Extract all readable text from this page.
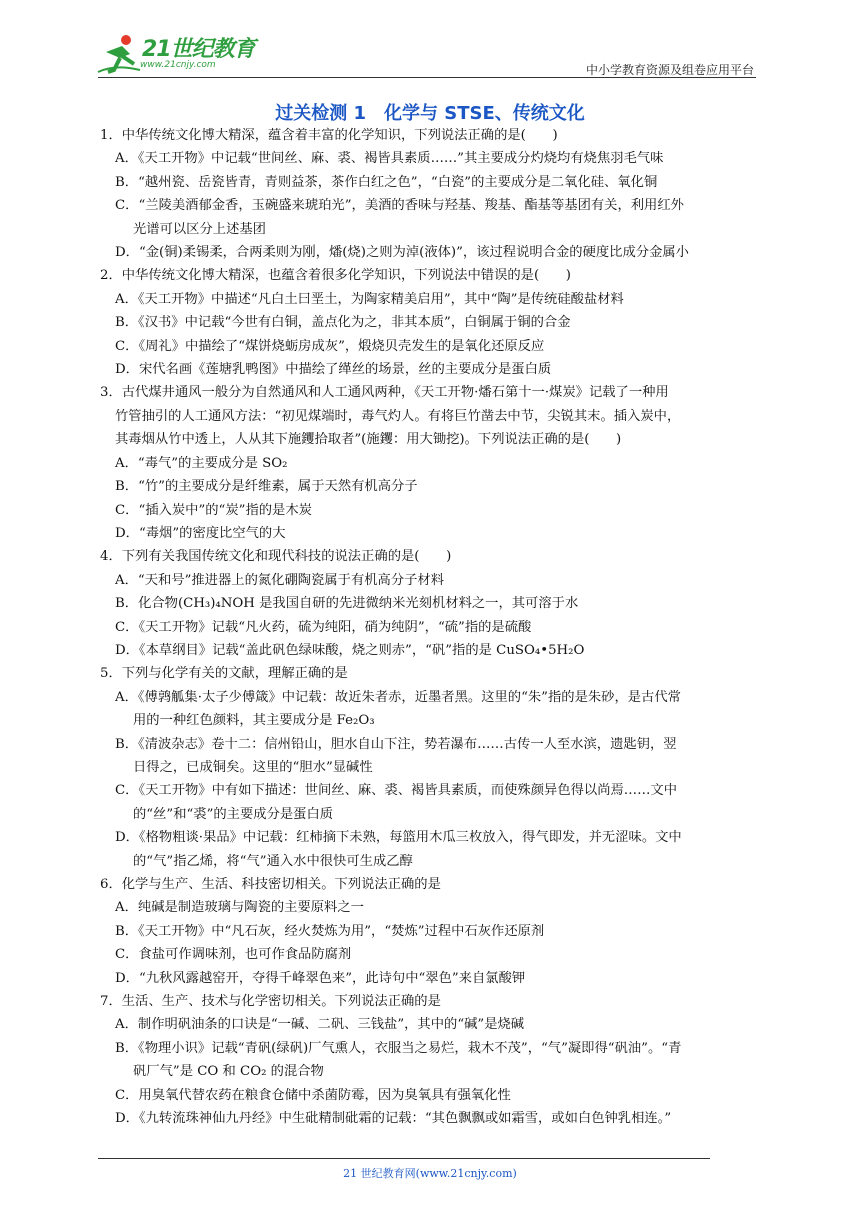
21世纪教育
www.21cnjy.com	中小学教育资源及组卷应用平台
过关检测 1　化学与 STSE、传统文化
1．中华传统文化博大精深，蕴含着丰富的化学知识，下列说法正确的是(　　)
A．《天工开物》中记载“世间丝、麻、裘、褐皆具素质……”其主要成分灼烧均有烧焦羽毛气味
B．“越州瓷、岳瓷皆青，青则益茶，茶作白红之色”，“白瓷”的主要成分是二氧化硅、氧化铜
C．“兰陵美酒郁金香，玉碗盛来琥珀光”，美酒的香味与羟基、羧基、酯基等基团有关，利用红外
光谱可以区分上述基团
D．“金(铜)柔锡柔，合两柔则为刚，燔(烧)之则为淖(液体)”，该过程说明合金的硬度比成分金属小
2．中华传统文化博大精深，也蕴含着很多化学知识，下列说法中错误的是(　　)
A．《天工开物》中描述“凡白土曰垩土，为陶家精美启用”，其中“陶”是传统硅酸盐材料
B．《汉书》中记载“今世有白铜，盖点化为之，非其本质”，白铜属于铜的合金
C．《周礼》中描绘了“煤饼烧蛎房成灰”，煅烧贝壳发生的是氧化还原反应
D．宋代名画《莲塘乳鸭图》中描绘了缂丝的场景，丝的主要成分是蛋白质
3．古代煤井通风一般分为自然通风和人工通风两种，《天工开物·燔石第十一·煤炭》记载了一种用
竹管抽引的人工通风方法：“初见煤端时，毒气灼人。有将巨竹凿去中节，尖锐其末。插入炭中，
其毒烟从竹中透上，人从其下施钁拾取者”(施钁：用大锄挖)。下列说法正确的是(　　)
A．“毒气”的主要成分是 SO₂
B．“竹”的主要成分是纤维素，属于天然有机高分子
C．“插入炭中”的“炭”指的是木炭
D．“毒烟”的密度比空气的大
4．下列有关我国传统文化和现代科技的说法正确的是(　　)
A．“天和号”推进器上的氮化硼陶瓷属于有机高分子材料
B．化合物(CH₃)₄NOH 是我国自研的先进微纳米光刻机材料之一，其可溶于水
C．《天工开物》记载“凡火药，硫为纯阳，硝为纯阴”，“硫”指的是硫酸
D．《本草纲目》记载“盖此矾色绿味酸，烧之则赤”，“矾”指的是 CuSO₄•5H₂O
5．下列与化学有关的文献，理解正确的是
A．《傅鹑觚集·太子少傅箴》中记载：故近朱者赤，近墨者黑。这里的“朱”指的是朱砂，是古代常
用的一种红色颜料，其主要成分是 Fe₂O₃
B．《清波杂志》卷十二：信州铅山，胆水自山下注，势若瀑布……古传一人至水滨，遗匙钥，翌
日得之，已成铜矣。这里的“胆水”显碱性
C．《天工开物》中有如下描述：世间丝、麻、裘、褐皆具素质，而使殊颜异色得以尚焉……文中
的“丝”和“裘”的主要成分是蛋白质
D．《格物粗谈·果品》中记载：红柿摘下未熟，每篮用木瓜三枚放入，得气即发，并无涩味。文中
的“气”指乙烯，将“气”通入水中很快可生成乙醇
6．化学与生产、生活、科技密切相关。下列说法正确的是
A．纯碱是制造玻璃与陶瓷的主要原料之一
B．《天工开物》中“凡石灰，经火焚炼为用”，“焚炼”过程中石灰作还原剂
C．食盐可作调味剂，也可作食品防腐剂
D．“九秋风露越窑开，夺得千峰翠色来”，此诗句中“翠色”来自氯酸钾
7．生活、生产、技术与化学密切相关。下列说法正确的是
A．制作明矾油条的口诀是“一碱、二矾、三钱盐”，其中的“碱”是烧碱
B．《物理小识》记载“青矾(绿矾)厂气熏人，衣服当之易烂，栽木不茂”，“气”凝即得“矾油”。“青
矾厂气”是 CO 和 CO₂ 的混合物
C．用臭氧代替农药在粮食仓储中杀菌防霉，因为臭氧具有强氧化性
D．《九转流珠神仙九丹经》中生砒精制砒霜的记载：“其色飘飘或如霜雪，或如白色钟乳相连。”
21 世纪教育网(www.21cnjy.com)
